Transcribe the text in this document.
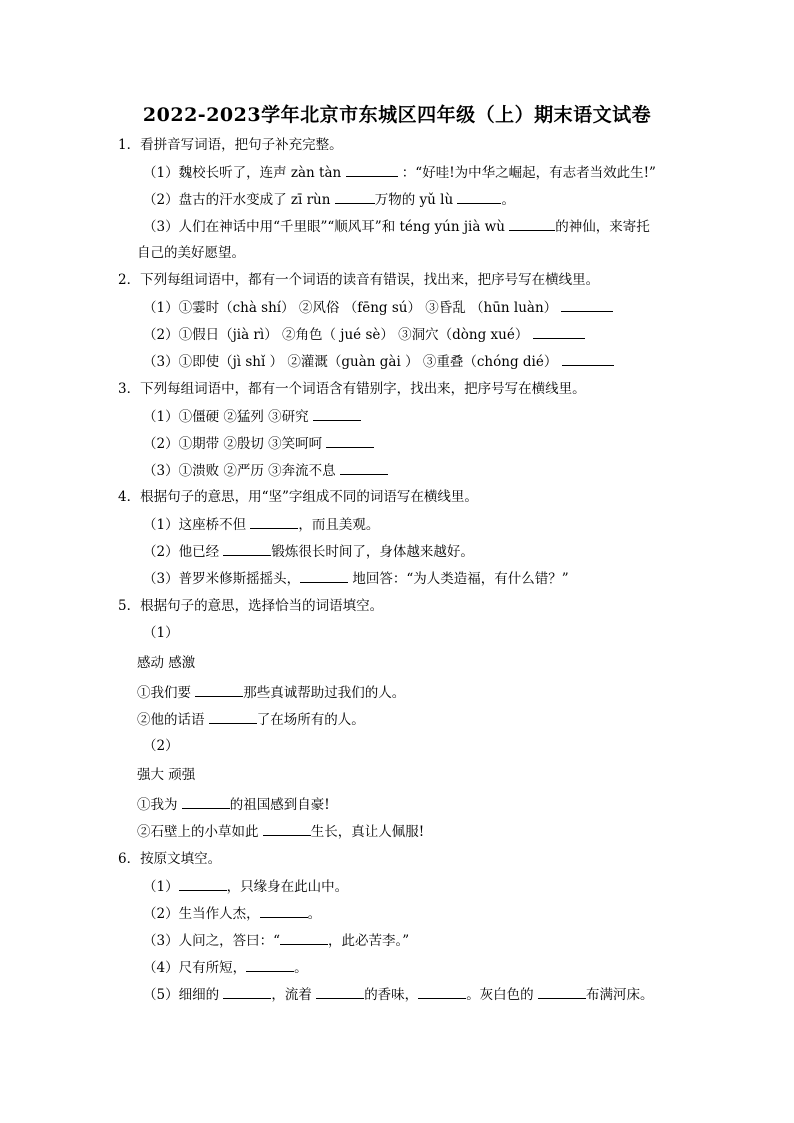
2022-2023学年北京市东城区四年级（上）期末语文试卷
1．看拼音写词语，把句子补充完整。
（1）魏校长听了，连声 zàn tàn	：“好哇!为中华之崛起，有志者当效此生!”
（2）盘古的汗水变成了 zī rùn	万物的 yǔ lù	。
（3）人们在神话中用“千里眼”“顺风耳”和 téng yún jià wù	的神仙，来寄托
自己的美好愿望。
2．下列每组词语中，都有一个词语的读音有错误，找出来，把序号写在横线里。
（1）①霎时（chà shí） ②风俗 （fēng sú） ③昏乱 （hūn luàn）
（2）①假日（jià rì） ②角色（ jué sè） ③洞穴（dòng xué）
（3）①即使（jì shǐ ） ②灌溉（guàn gài ） ③重叠（chóng dié）
3．下列每组词语中，都有一个词语含有错别字，找出来，把序号写在横线里。
（1）①僵硬 ②猛列 ③研究
（2）①期带 ②殷切 ③笑呵呵
（3）①溃败 ②严历 ③奔流不息
4．根据句子的意思，用“坚”字组成不同的词语写在横线里。
（1）这座桥不但	，而且美观。
（2）他已经	锻炼很长时间了，身体越来越好。
（3）普罗米修斯摇摇头，	地回答：“为人类造福，有什么错？”
5．根据句子的意思，选择恰当的词语填空。
（1）
感动 感激
①我们要	那些真诚帮助过我们的人。
②他的话语	了在场所有的人。
（2）
强大 顽强
①我为	的祖国感到自豪!
②石壁上的小草如此	生长，真让人佩服!
6．按原文填空。
（1）	，只缘身在此山中。
（2）生当作人杰，	。
（3）人问之，答曰：“	，此必苦李。”
（4）尺有所短，	。
（5）细细的	，流着	的香味，	。灰白色的	布满河床。
